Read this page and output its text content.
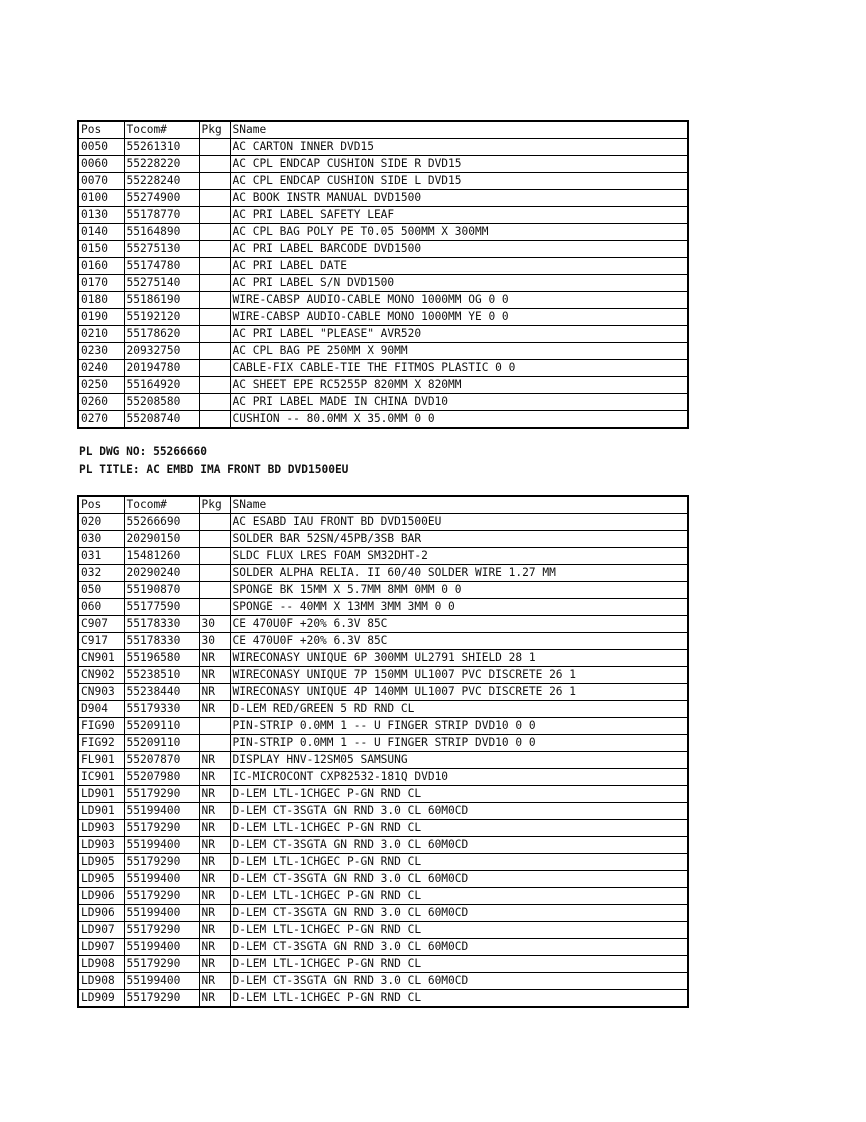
Pos	Tocom#	Pkg	SName
0050	55261310		AC CARTON INNER DVD15
0060	55228220		AC CPL ENDCAP CUSHION SIDE R DVD15
0070	55228240		AC CPL ENDCAP CUSHION SIDE L DVD15
0100	55274900		AC BOOK INSTR MANUAL DVD1500
0130	55178770		AC PRI LABEL SAFETY LEAF
0140	55164890		AC CPL BAG POLY PE T0.05 500MM X 300MM
0150	55275130		AC PRI LABEL BARCODE DVD1500
0160	55174780		AC PRI LABEL DATE
0170	55275140		AC PRI LABEL S/N DVD1500
0180	55186190		WIRE-CABSP AUDIO-CABLE MONO 1000MM OG 0 0
0190	55192120		WIRE-CABSP AUDIO-CABLE MONO 1000MM YE 0 0
0210	55178620		AC PRI LABEL "PLEASE" AVR520
0230	20932750		AC CPL BAG PE 250MM X 90MM
0240	20194780		CABLE-FIX CABLE-TIE THE FITMOS PLASTIC 0 0
0250	55164920		AC SHEET EPE RC5255P 820MM X 820MM
0260	55208580		AC PRI LABEL MADE IN CHINA DVD10
0270	55208740		CUSHION -- 80.0MM X 35.0MM 0 0
PL DWG NO: 55266660
PL TITLE: AC EMBD IMA FRONT BD DVD1500EU
Pos	Tocom#	Pkg	SName
020	55266690		AC ESABD IAU FRONT BD DVD1500EU
030	20290150		SOLDER BAR 52SN/45PB/3SB BAR
031	15481260		SLDC FLUX LRES FOAM SM32DHT-2
032	20290240		SOLDER ALPHA RELIA. II 60/40 SOLDER WIRE 1.27 MM
050	55190870		SPONGE BK 15MM X 5.7MM 8MM 0MM 0 0
060	55177590		SPONGE -- 40MM X 13MM 3MM 3MM 0 0
C907	55178330	30	CE 470U0F +20% 6.3V 85C
C917	55178330	30	CE 470U0F +20% 6.3V 85C
CN901	55196580	NR	WIRECONASY UNIQUE 6P 300MM UL2791 SHIELD 28 1
CN902	55238510	NR	WIRECONASY UNIQUE 7P 150MM UL1007 PVC DISCRETE 26 1
CN903	55238440	NR	WIRECONASY UNIQUE 4P 140MM UL1007 PVC DISCRETE 26 1
D904	55179330	NR	D-LEM RED/GREEN 5 RD RND CL
FIG90	55209110		PIN-STRIP 0.0MM 1 -- U FINGER STRIP DVD10 0 0
FIG92	55209110		PIN-STRIP 0.0MM 1 -- U FINGER STRIP DVD10 0 0
FL901	55207870	NR	DISPLAY HNV-12SM05 SAMSUNG
IC901	55207980	NR	IC-MICROCONT CXP82532-181Q DVD10
LD901	55179290	NR	D-LEM LTL-1CHGEC P-GN RND CL
LD901	55199400	NR	D-LEM CT-3SGTA GN RND 3.0 CL 60M0CD
LD903	55179290	NR	D-LEM LTL-1CHGEC P-GN RND CL
LD903	55199400	NR	D-LEM CT-3SGTA GN RND 3.0 CL 60M0CD
LD905	55179290	NR	D-LEM LTL-1CHGEC P-GN RND CL
LD905	55199400	NR	D-LEM CT-3SGTA GN RND 3.0 CL 60M0CD
LD906	55179290	NR	D-LEM LTL-1CHGEC P-GN RND CL
LD906	55199400	NR	D-LEM CT-3SGTA GN RND 3.0 CL 60M0CD
LD907	55179290	NR	D-LEM LTL-1CHGEC P-GN RND CL
LD907	55199400	NR	D-LEM CT-3SGTA GN RND 3.0 CL 60M0CD
LD908	55179290	NR	D-LEM LTL-1CHGEC P-GN RND CL
LD908	55199400	NR	D-LEM CT-3SGTA GN RND 3.0 CL 60M0CD
LD909	55179290	NR	D-LEM LTL-1CHGEC P-GN RND CL
